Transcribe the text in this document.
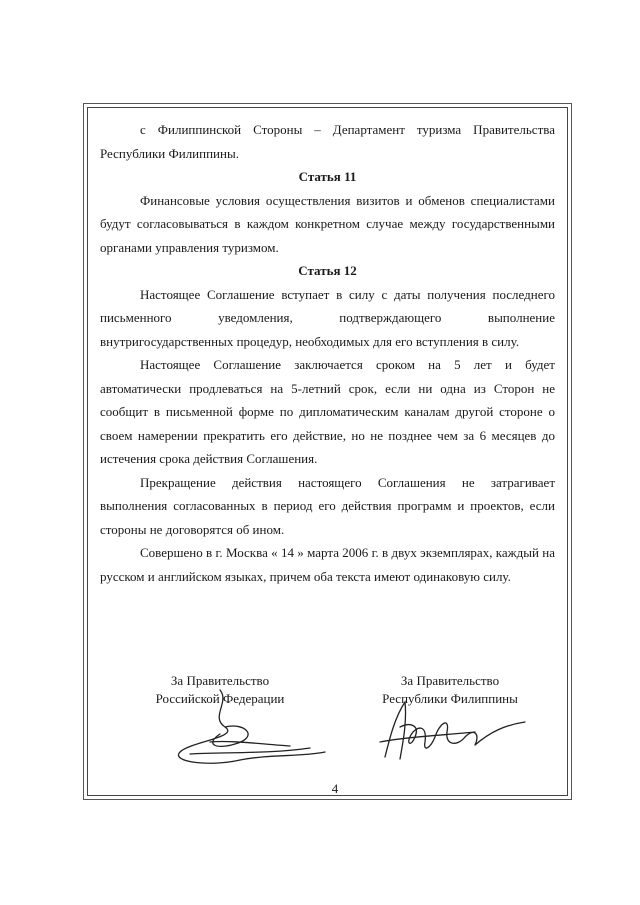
с Филиппинской Стороны – Департамент туризма Правительства Республики Филиппины.

Статья 11

Финансовые условия осуществления визитов и обменов специалистами будут согласовываться в каждом конкретном случае между государственными органами управления туризмом.

Статья 12

Настоящее Соглашение вступает в силу с даты получения последнего письменного уведомления, подтверждающего выполнение внутригосударственных процедур, необходимых для его вступления в силу.

Настоящее Соглашение заключается сроком на 5 лет и будет автоматически продлеваться на 5-летний срок, если ни одна из Сторон не сообщит в письменной форме по дипломатическим каналам другой стороне о своем намерении прекратить его действие, но не позднее чем за 6 месяцев до истечения срока действия Соглашения.

Прекращение действия настоящего Соглашения не затрагивает выполнения согласованных в период его действия программ и проектов, если стороны не договорятся об ином.

Совершено в г. Москва « 14 » марта 2006 г. в двух экземплярах, каждый на русском и английском языках, причем оба текста имеют одинаковую силу.

За Правительство
Российской Федерации
За Правительство
Республики Филиппины
4
